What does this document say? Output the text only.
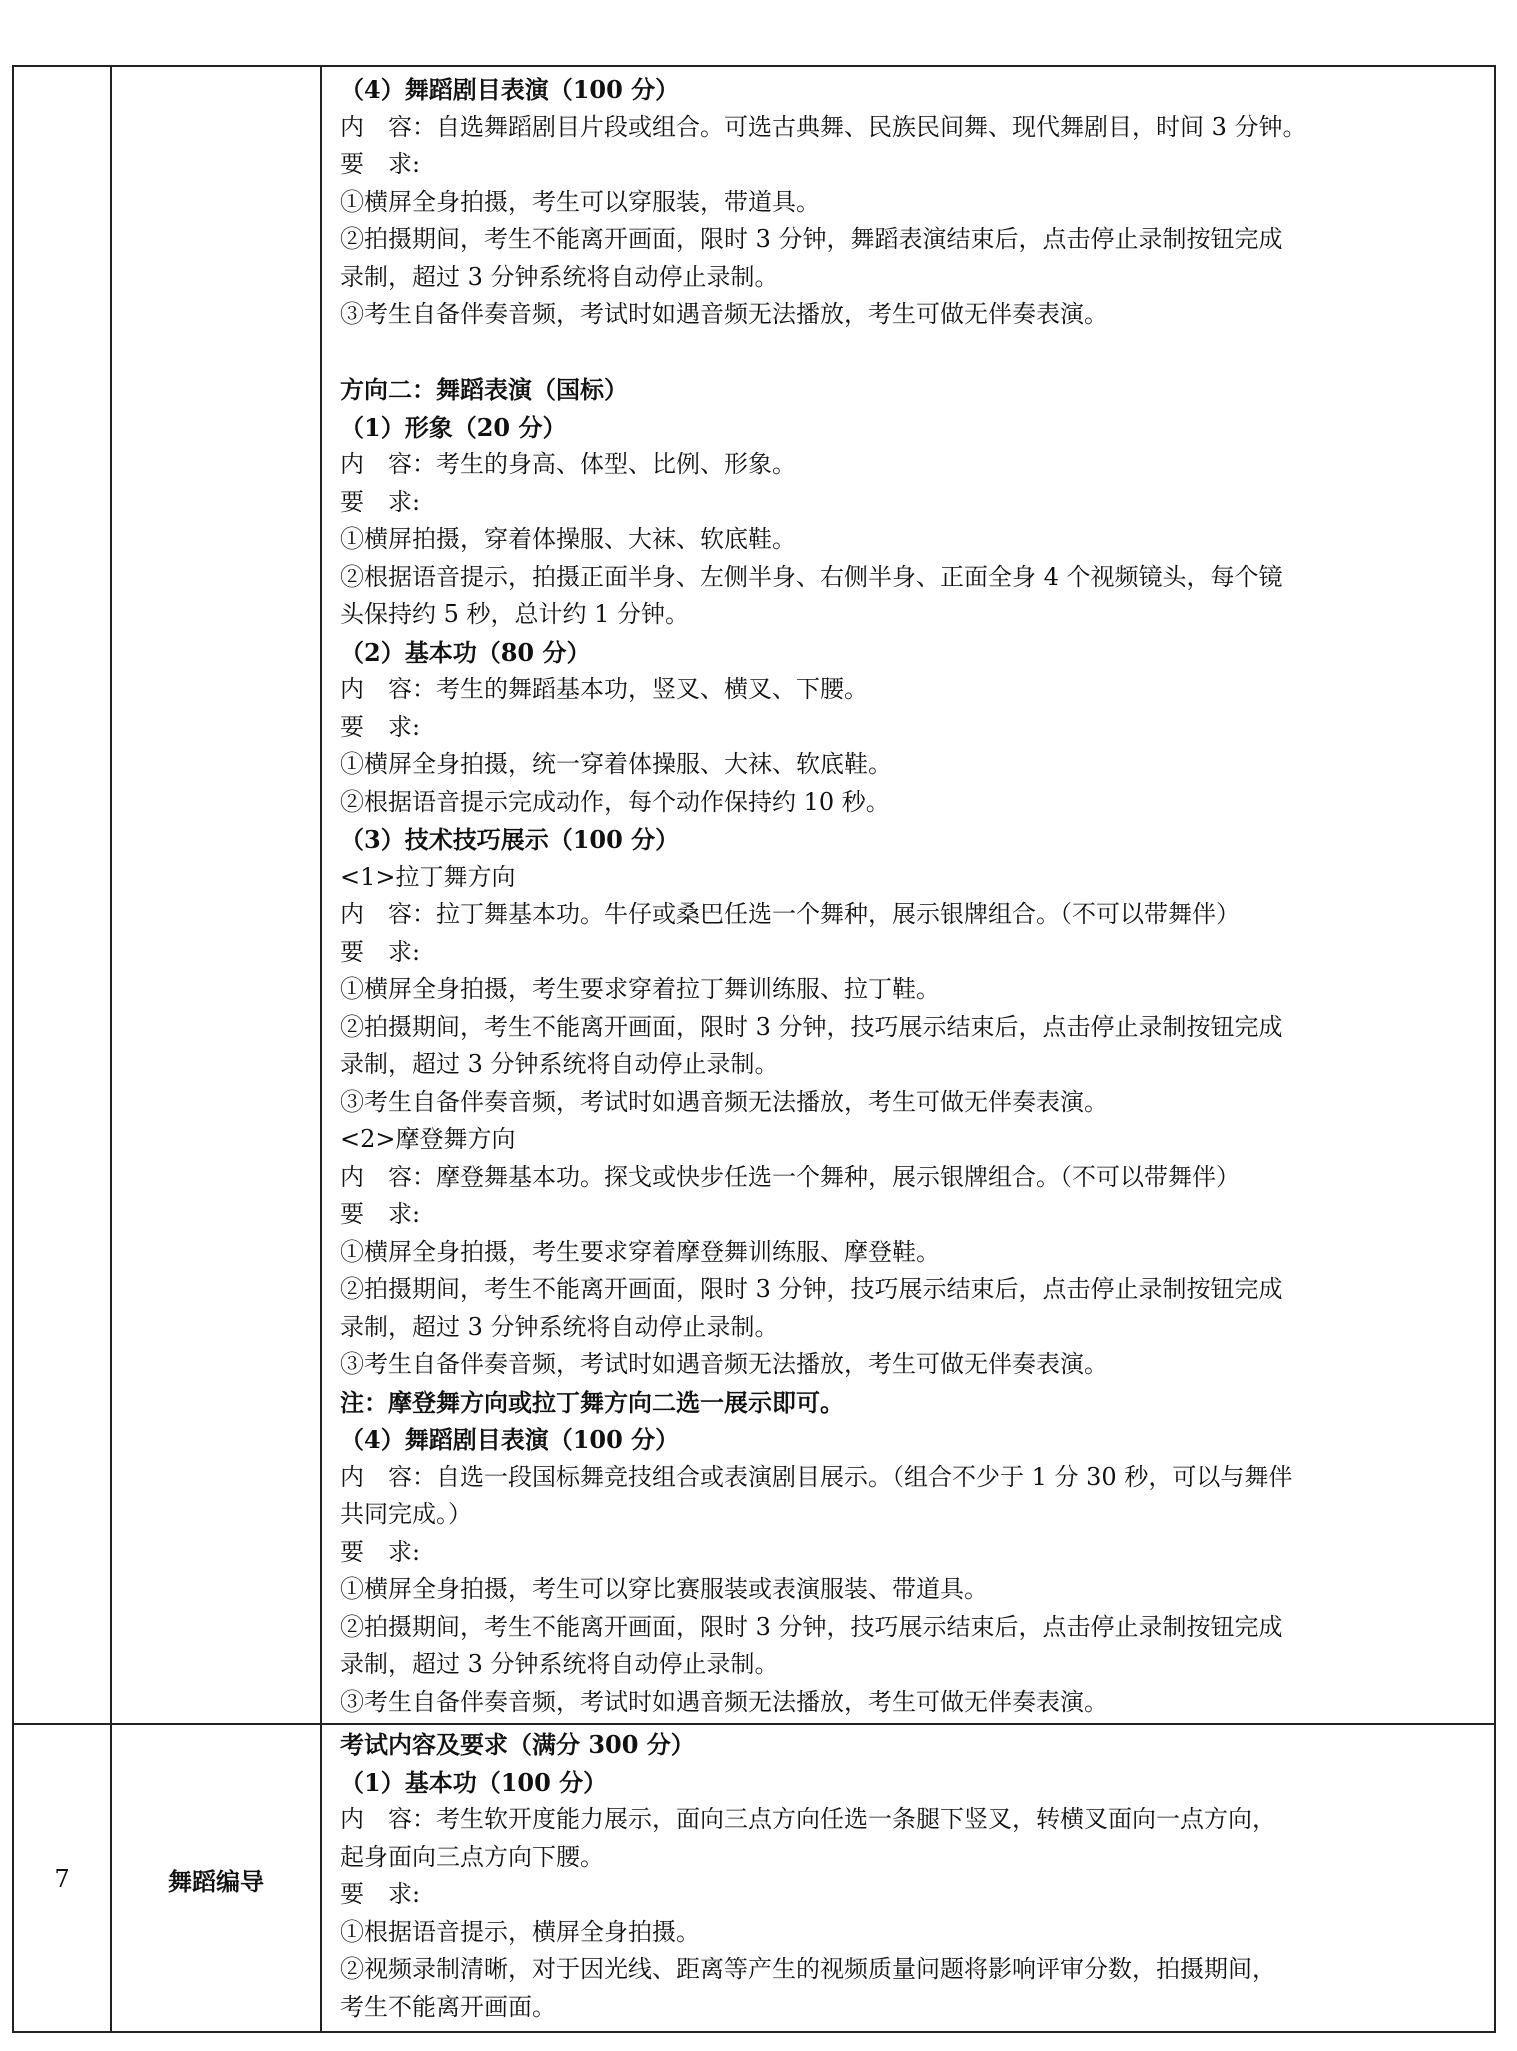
（4）舞蹈剧目表演（100 分）
内　容：自选舞蹈剧目片段或组合。可选古典舞、民族民间舞、现代舞剧目，时间 3 分钟。
要　求:
①横屏全身拍摄，考生可以穿服装，带道具。
②拍摄期间，考生不能离开画面，限时 3 分钟，舞蹈表演结束后，点击停止录制按钮完成
录制，超过 3 分钟系统将自动停止录制。
③考生自备伴奏音频，考试时如遇音频无法播放，考生可做无伴奏表演。
方向二：舞蹈表演（国标）
（1）形象（20 分）
内　容：考生的身高、体型、比例、形象。
要　求:
①横屏拍摄，穿着体操服、大袜、软底鞋。
②根据语音提示，拍摄正面半身、左侧半身、右侧半身、正面全身 4 个视频镜头，每个镜
头保持约 5 秒，总计约 1 分钟。
（2）基本功（80 分）
内　容：考生的舞蹈基本功，竖叉、横叉、下腰。
要　求:
①横屏全身拍摄，统一穿着体操服、大袜、软底鞋。
②根据语音提示完成动作，每个动作保持约 10 秒。
（3）技术技巧展示（100 分）
<1>拉丁舞方向
内　容：拉丁舞基本功。牛仔或桑巴任选一个舞种，展示银牌组合。（不可以带舞伴）
要　求:
①横屏全身拍摄，考生要求穿着拉丁舞训练服、拉丁鞋。
②拍摄期间，考生不能离开画面，限时 3 分钟，技巧展示结束后，点击停止录制按钮完成
录制，超过 3 分钟系统将自动停止录制。
③考生自备伴奏音频，考试时如遇音频无法播放，考生可做无伴奏表演。
<2>摩登舞方向
内　容：摩登舞基本功。探戈或快步任选一个舞种，展示银牌组合。（不可以带舞伴）
要　求:
①横屏全身拍摄，考生要求穿着摩登舞训练服、摩登鞋。
②拍摄期间，考生不能离开画面，限时 3 分钟，技巧展示结束后，点击停止录制按钮完成
录制，超过 3 分钟系统将自动停止录制。
③考生自备伴奏音频，考试时如遇音频无法播放，考生可做无伴奏表演。
注：摩登舞方向或拉丁舞方向二选一展示即可。
（4）舞蹈剧目表演（100 分）
内　容：自选一段国标舞竞技组合或表演剧目展示。（组合不少于 1 分 30 秒，可以与舞伴
共同完成。）
要　求:
①横屏全身拍摄，考生可以穿比赛服装或表演服装、带道具。
②拍摄期间，考生不能离开画面，限时 3 分钟，技巧展示结束后，点击停止录制按钮完成
录制，超过 3 分钟系统将自动停止录制。
③考生自备伴奏音频，考试时如遇音频无法播放，考生可做无伴奏表演。
7	舞蹈编导
考试内容及要求（满分 300 分）
（1）基本功（100 分）
内　容：考生软开度能力展示，面向三点方向任选一条腿下竖叉，转横叉面向一点方向，
起身面向三点方向下腰。
要　求:
①根据语音提示，横屏全身拍摄。
②视频录制清晰，对于因光线、距离等产生的视频质量问题将影响评审分数，拍摄期间，
考生不能离开画面。
